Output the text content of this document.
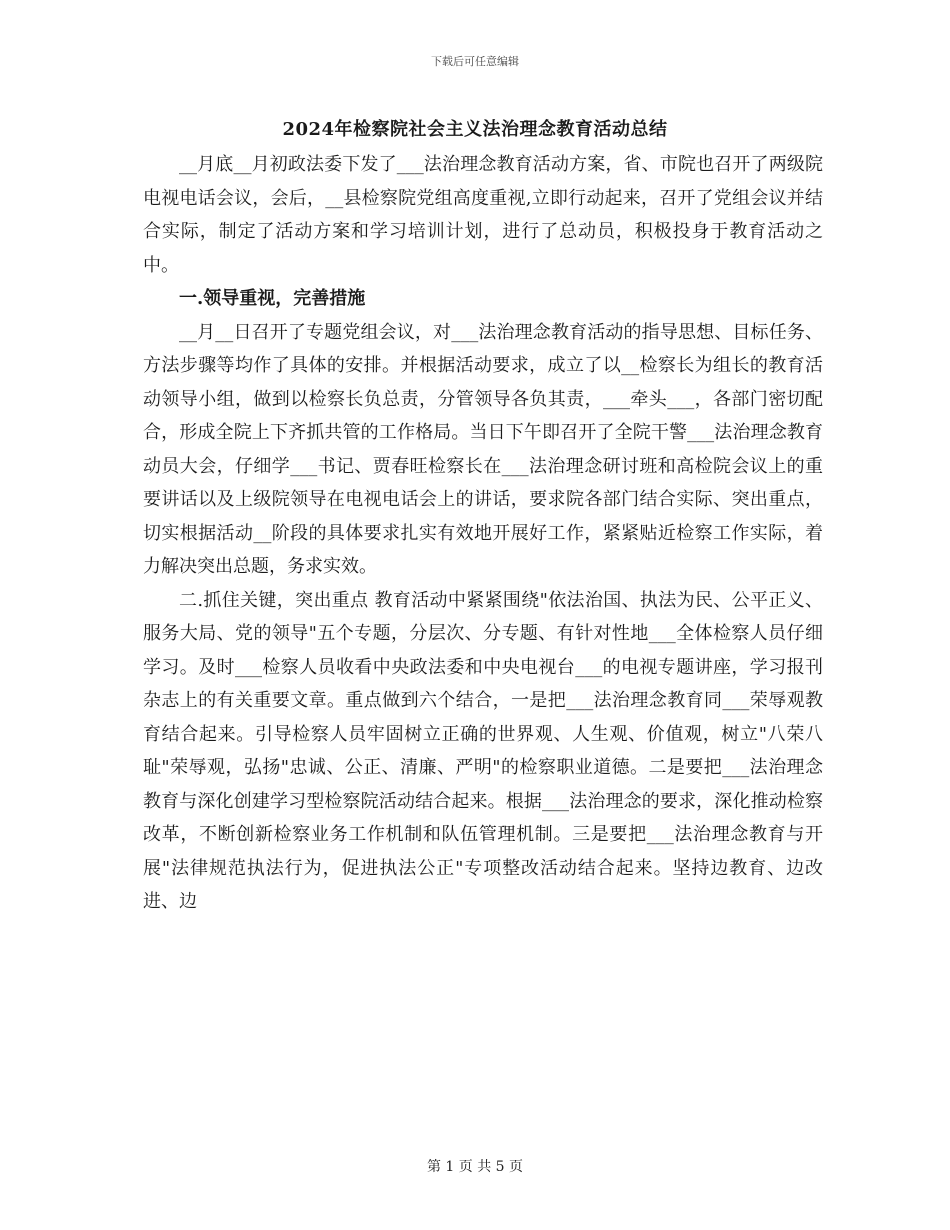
下载后可任意编辑
2024年检察院社会主义法治理念教育活动总结

__月底__月初政法委下发了___法治理念教育活动方案，省、市院也召开了两级院电视电话会议，会后，__县检察院党组高度重视,立即行动起来，召开了党组会议并结合实际，制定了活动方案和学习培训计划，进行了总动员，积极投身于教育活动之中。

一.领导重视，完善措施

__月__日召开了专题党组会议，对___法治理念教育活动的指导思想、目标任务、方法步骤等均作了具体的安排。并根据活动要求，成立了以__检察长为组长的教育活动领导小组，做到以检察长负总责，分管领导各负其责，___牵头___，各部门密切配合，形成全院上下齐抓共管的工作格局。当日下午即召开了全院干警___法治理念教育动员大会，仔细学___书记、贾春旺检察长在___法治理念研讨班和高检院会议上的重要讲话以及上级院领导在电视电话会上的讲话，要求院各部门结合实际、突出重点，切实根据活动__阶段的具体要求扎实有效地开展好工作，紧紧贴近检察工作实际，着力解决突出总题，务求实效。

二.抓住关键，突出重点 教育活动中紧紧围绕"依法治国、执法为民、公平正义、服务大局、党的领导"五个专题，分层次、分专题、有针对性地___全体检察人员仔细学习。及时___检察人员收看中央政法委和中央电视台___的电视专题讲座，学习报刊杂志上的有关重要文章。重点做到六个结合，一是把___法治理念教育同___荣辱观教育结合起来。引导检察人员牢固树立正确的世界观、人生观、价值观，树立"八荣八耻"荣辱观，弘扬"忠诚、公正、清廉、严明"的检察职业道德。二是要把___法治理念教育与深化创建学习型检察院活动结合起来。根据___法治理念的要求，深化推动检察改革，不断创新检察业务工作机制和队伍管理机制。三是要把___法治理念教育与开展"法律规范执法行为，促进执法公正"专项整改活动结合起来。坚持边教育、边改进、边

第 1 页 共 5 页
